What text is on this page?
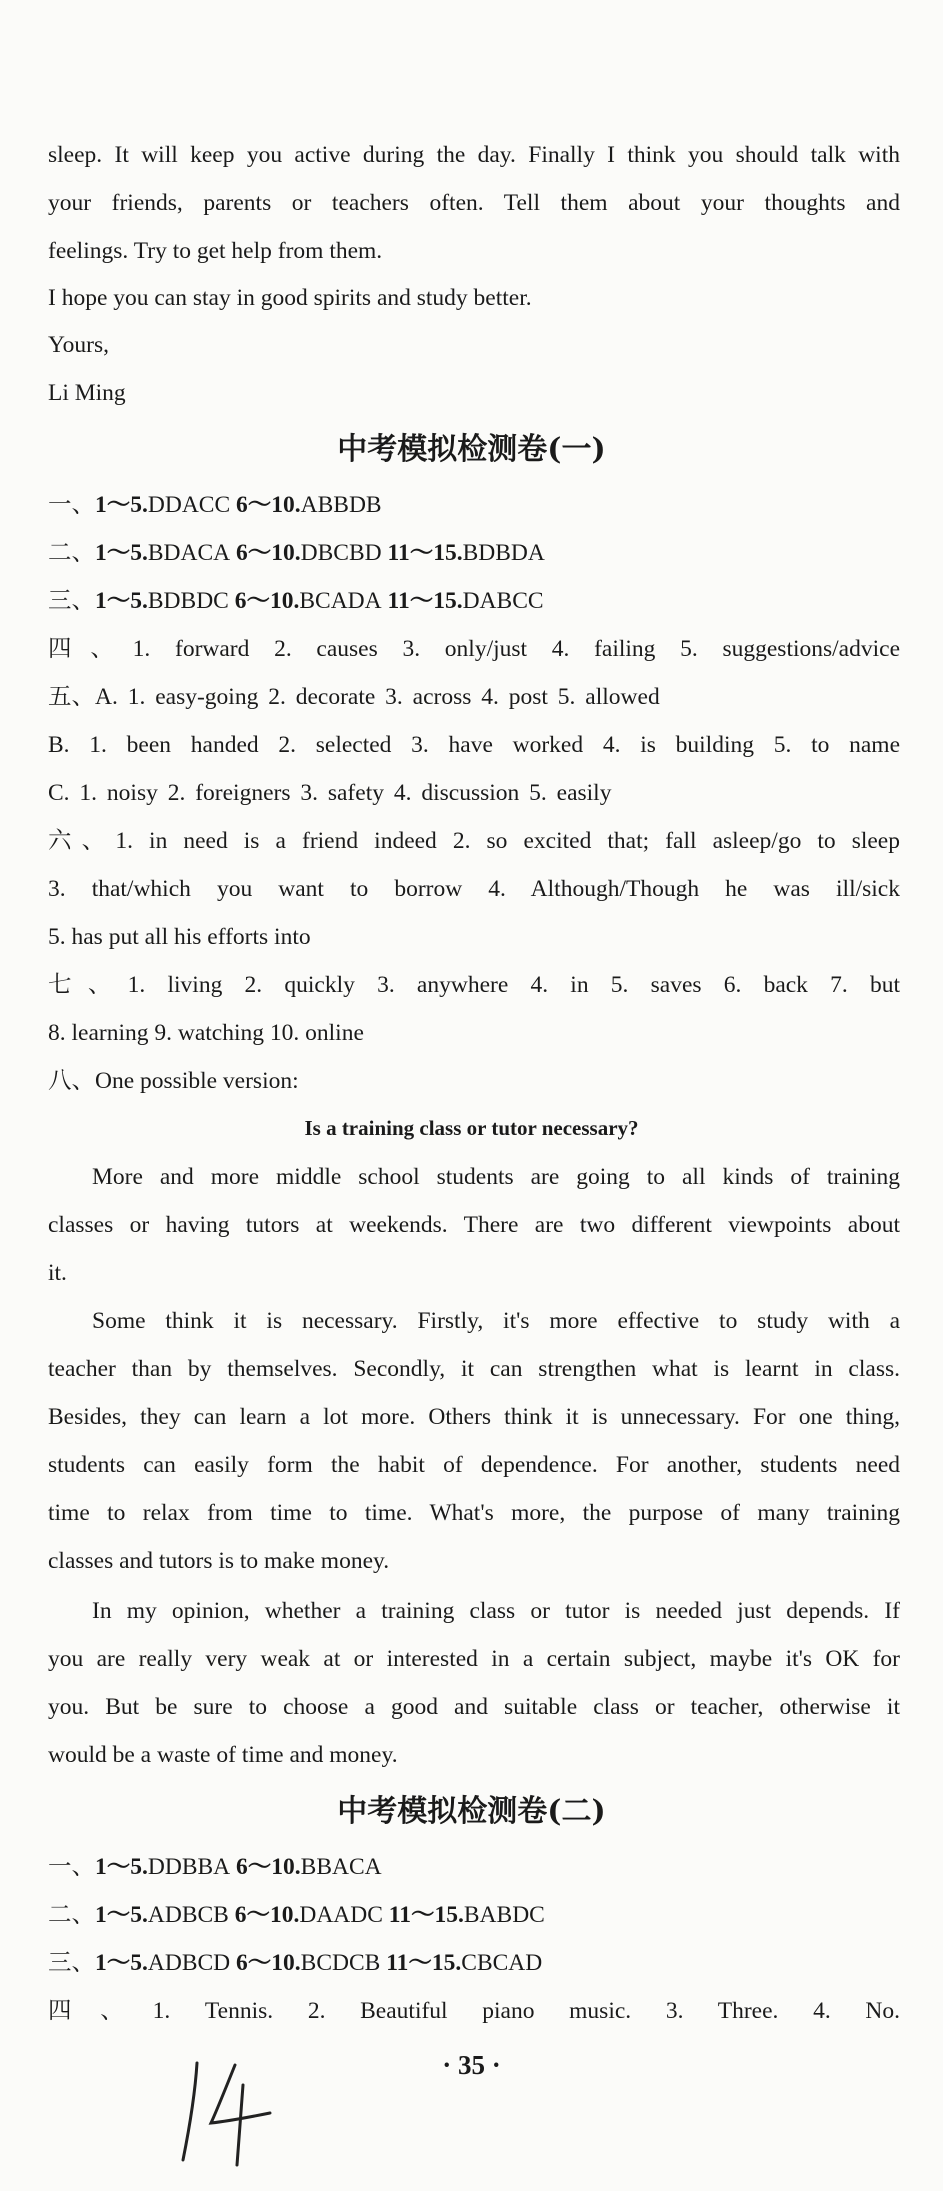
sleep. It will keep you active during the day. Finally I think you should talk with
your friends, parents or teachers often. Tell them about your thoughts and
feelings. Try to get help from them.
I hope you can stay in good spirits and study better.
Yours,
Li Ming
中考模拟检测卷(一)
一、1～5.DDACC 6～10.ABBDB
二、1～5.BDACA 6～10.DBCBD 11～15.BDBDA
三、1～5.BDBDC 6～10.BCADA 11～15.DABCC
四、1. forward 2. causes 3. only/just 4. failing 5. suggestions/advice
五、A. 1. easy-going 2. decorate 3. across 4. post 5. allowed
B. 1. been handed 2. selected 3. have worked 4. is building 5. to name
C. 1. noisy 2. foreigners 3. safety 4. discussion 5. easily
六、1. in need is a friend indeed 2. so excited that; fall asleep/go to sleep
3. that/which you want to borrow 4. Although/Though he was ill/sick
5. has put all his efforts into
七、1. living 2. quickly 3. anywhere 4. in 5. saves 6. back 7. but
8. learning 9. watching 10. online
八、One possible version:
Is a training class or tutor necessary?
More and more middle school students are going to all kinds of training
classes or having tutors at weekends. There are two different viewpoints about
it.
Some think it is necessary. Firstly, it's more effective to study with a
teacher than by themselves. Secondly, it can strengthen what is learnt in class.
Besides, they can learn a lot more. Others think it is unnecessary. For one thing,
students can easily form the habit of dependence. For another, students need
time to relax from time to time. What's more, the purpose of many training
classes and tutors is to make money.
In my opinion, whether a training class or tutor is needed just depends. If
you are really very weak at or interested in a certain subject, maybe it's OK for
you. But be sure to choose a good and suitable class or teacher, otherwise it
would be a waste of time and money.
中考模拟检测卷(二)
一、1～5.DDBBA 6～10.BBACA
二、1～5.ADBCB 6～10.DAADC 11～15.BABDC
三、1～5.ADBCD 6～10.BCDCB 11～15.CBCAD
四、1. Tennis. 2. Beautiful piano music. 3. Three. 4. No.
· 35 ·
